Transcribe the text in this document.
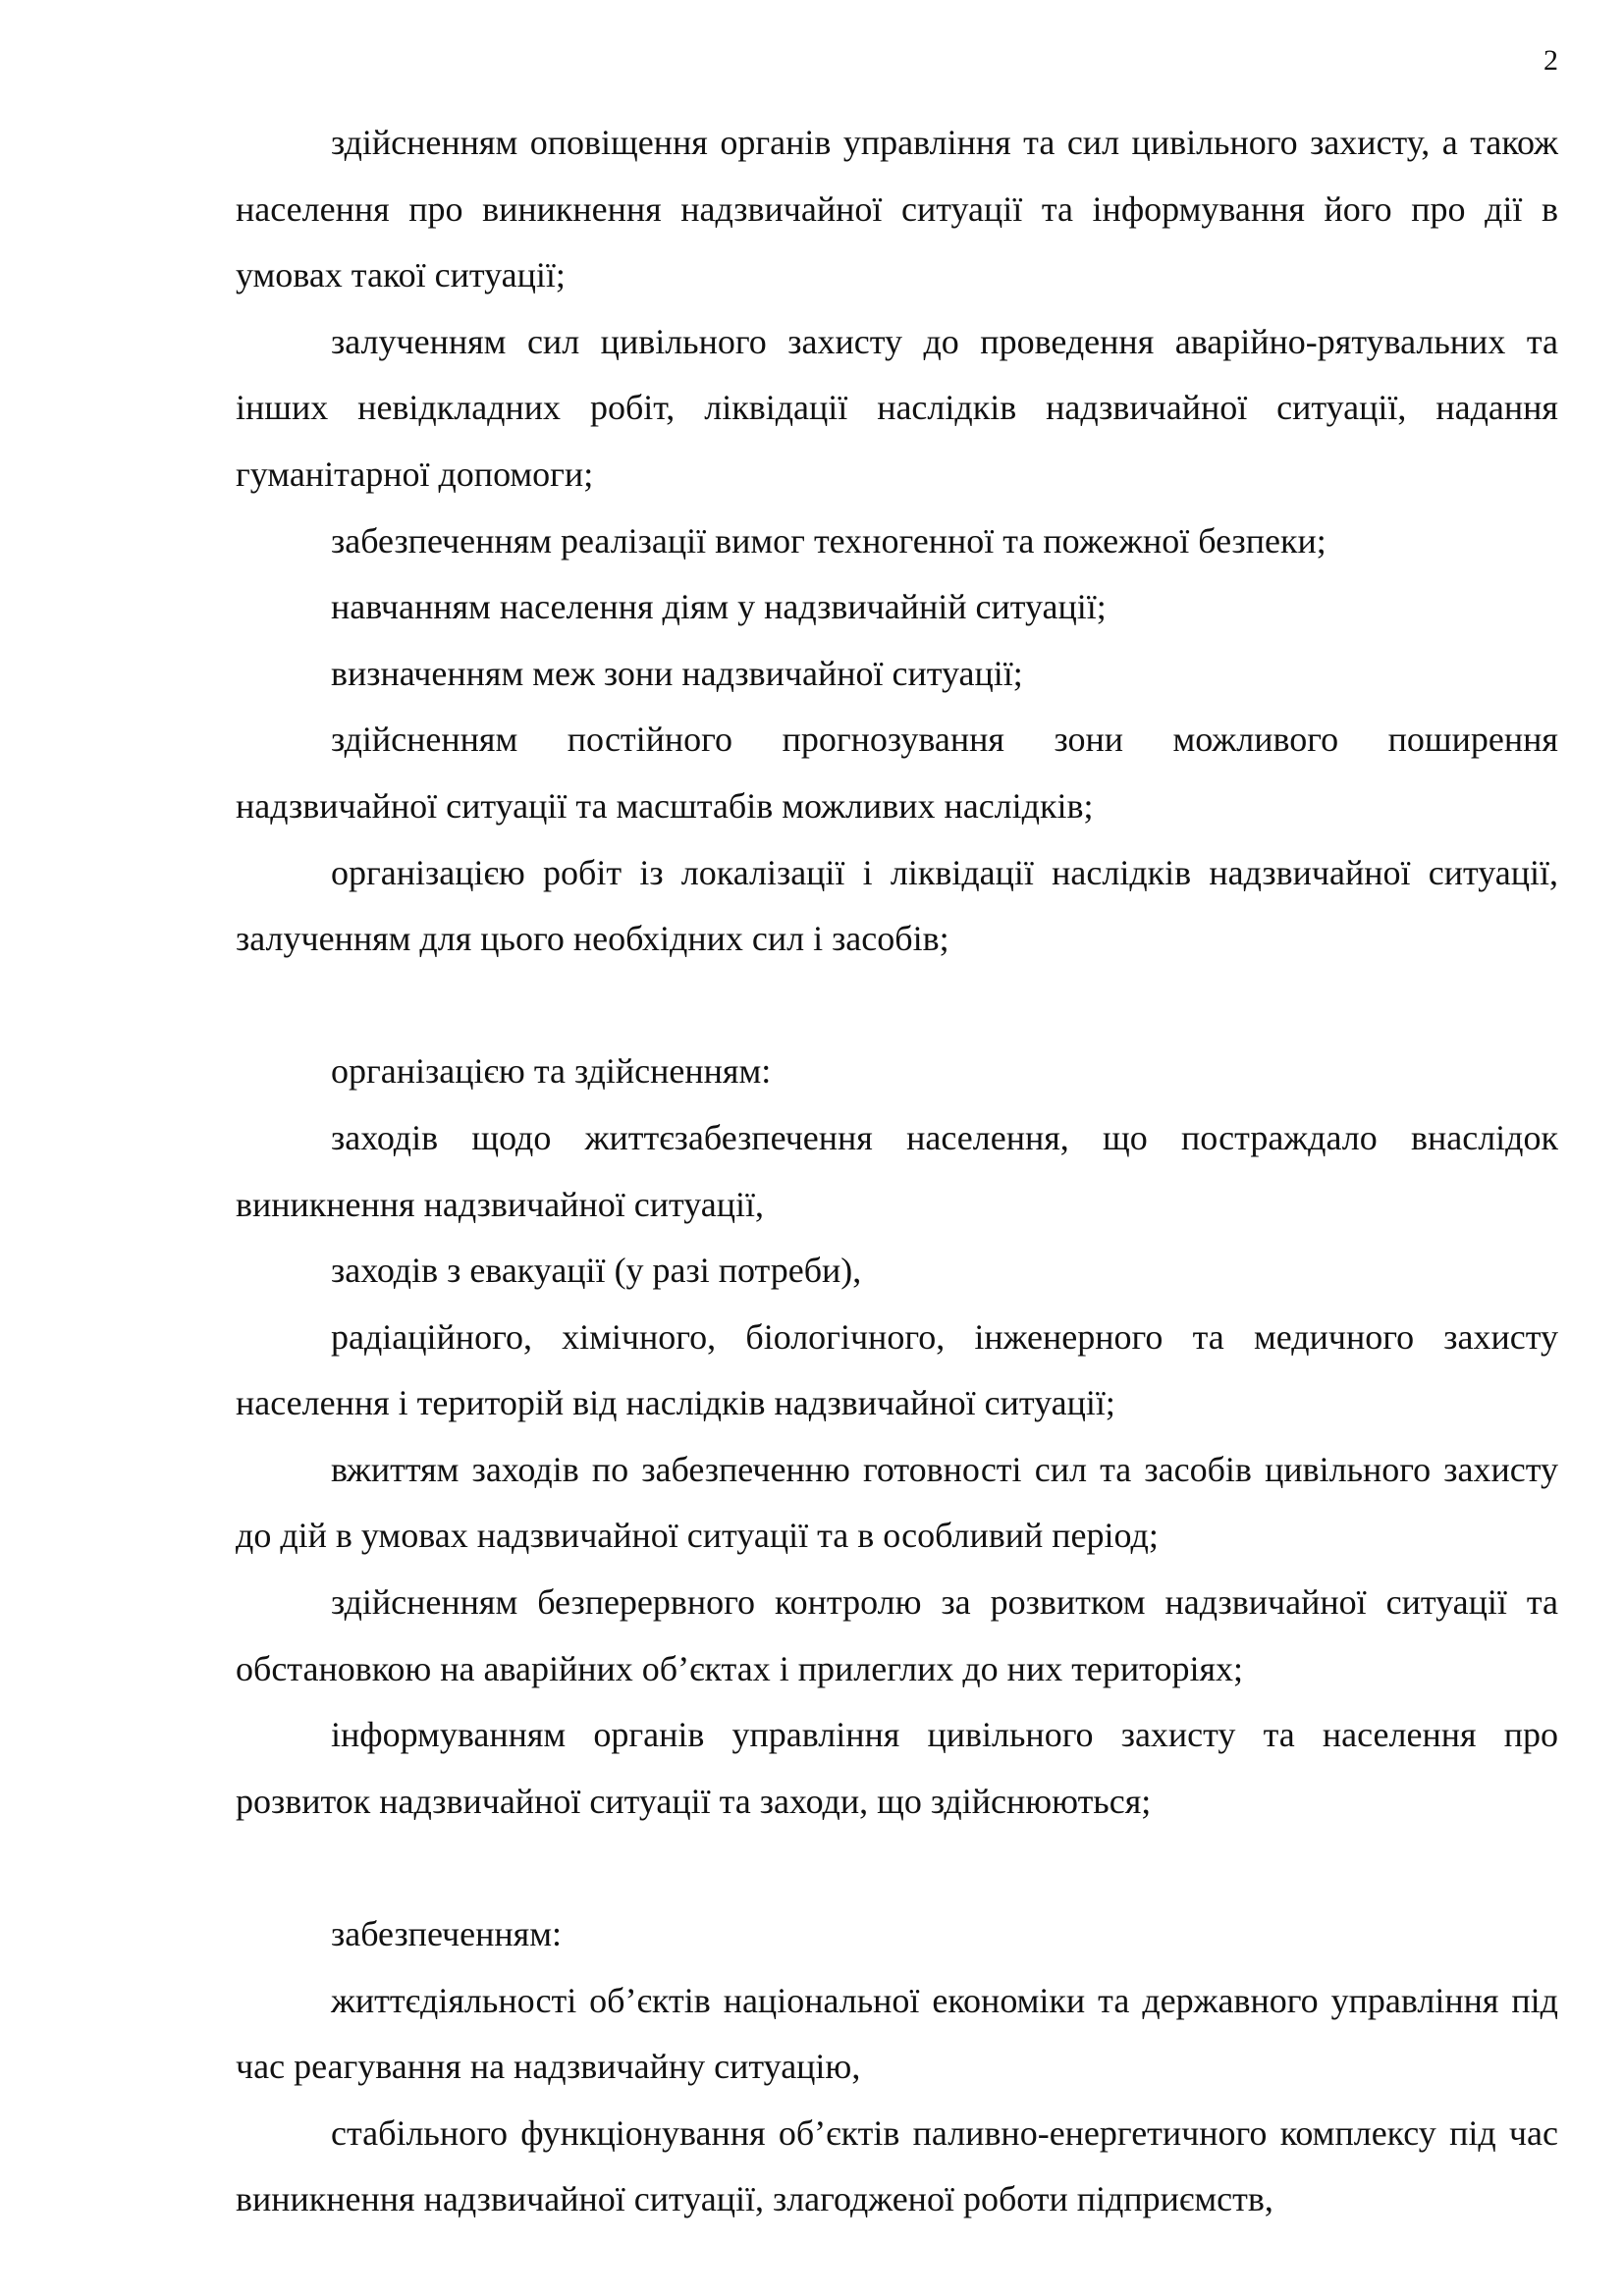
2

здійсненням оповіщення органів управління та сил цивільного захисту, а також населення про виникнення надзвичайної ситуації та інформування його про дії в умовах такої ситуації;

залученням сил цивільного захисту до проведення аварійно-рятувальних та інших невідкладних робіт, ліквідації наслідків надзвичайної ситуації, надання гуманітарної допомоги;

забезпеченням реалізації вимог техногенної та пожежної безпеки;

навчанням населення діям у надзвичайній ситуації;

визначенням меж зони надзвичайної ситуації;

здійсненням постійного прогнозування зони можливого поширення надзвичайної ситуації та масштабів можливих наслідків;

організацією робіт із локалізації і ліквідації наслідків надзвичайної ситуації, залученням для цього необхідних сил і засобів;

організацією та здійсненням:

заходів щодо життєзабезпечення населення, що постраждало внаслідок виникнення надзвичайної ситуації,

заходів з евакуації (у разі потреби),

радіаційного, хімічного, біологічного, інженерного та медичного захисту населення і територій від наслідків надзвичайної ситуації;

вжиттям заходів по забезпеченню готовності сил та засобів цивільного захисту до дій в умовах надзвичайної ситуації та в особливий період;

здійсненням безперервного контролю за розвитком надзвичайної ситуації та обстановкою на аварійних об’єктах і прилеглих до них територіях;

інформуванням органів управління цивільного захисту та населення про розвиток надзвичайної ситуації та заходи, що здійснюються;

забезпеченням:

життєдіяльності об’єктів національної економіки та державного управління під час реагування на надзвичайну ситуацію,

стабільного функціонування об’єктів паливно-енергетичного комплексу під час виникнення надзвичайної ситуації, злагодженої роботи підприємств,
